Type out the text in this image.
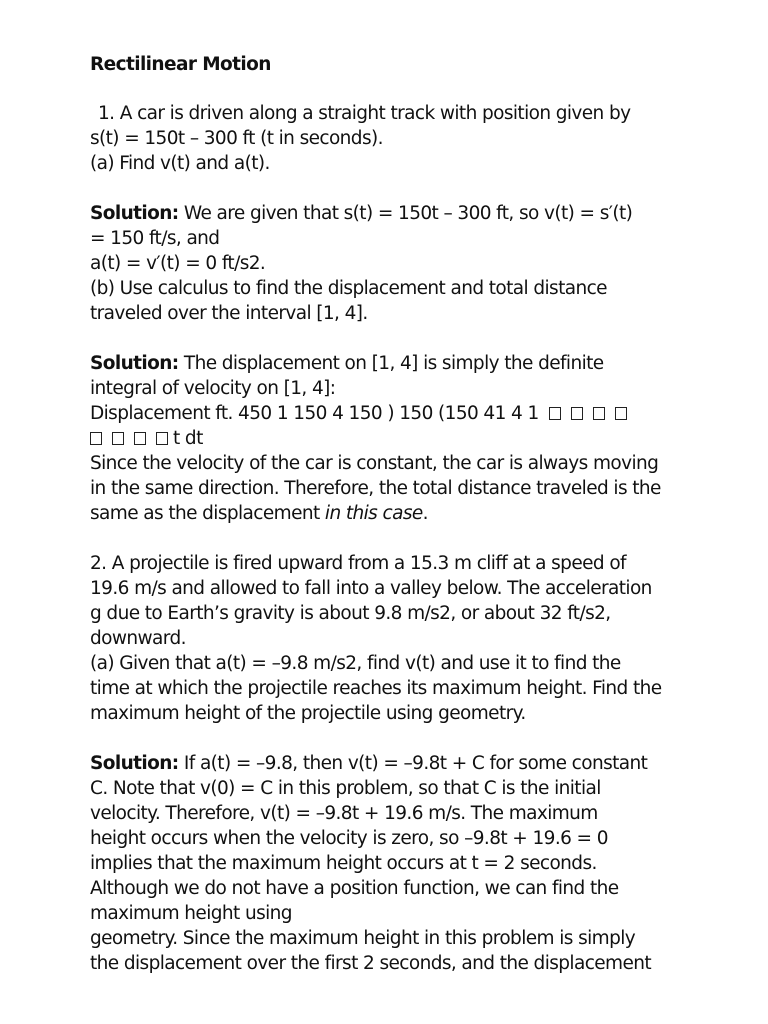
Rectilinear Motion

1. A car is driven along a straight track with position given by

s(t) = 150t – 300 ft (t in seconds).

(a) Find v(t) and a(t).

Solution: We are given that s(t) = 150t – 300 ft, so v(t) = s′(t)

= 150 ft/s, and

a(t) = v′(t) = 0 ft/s2.

(b) Use calculus to find the displacement and total distance

traveled over the interval [1, 4].

Solution: The displacement on [1, 4] is simply the definite

integral of velocity on [1, 4]:

Displacement ft. 450 1 150 4 150 ) 150 (150 41 4 1

t dt

Since the velocity of the car is constant, the car is always moving

in the same direction. Therefore, the total distance traveled is the

same as the displacement in this case.

2. A projectile is fired upward from a 15.3 m cliff at a speed of

19.6 m/s and allowed to fall into a valley below. The acceleration

g due to Earth’s gravity is about 9.8 m/s2, or about 32 ft/s2,

downward.

(a) Given that a(t) = –9.8 m/s2, find v(t) and use it to find the

time at which the projectile reaches its maximum height. Find the

maximum height of the projectile using geometry.

Solution: If a(t) = –9.8, then v(t) = –9.8t + C for some constant

C. Note that v(0) = C in this problem, so that C is the initial

velocity. Therefore, v(t) = –9.8t + 19.6 m/s. The maximum

height occurs when the velocity is zero, so –9.8t + 19.6 = 0

implies that the maximum height occurs at t = 2 seconds.

Although we do not have a position function, we can find the

maximum height using

geometry. Since the maximum height in this problem is simply

the displacement over the first 2 seconds, and the displacement
